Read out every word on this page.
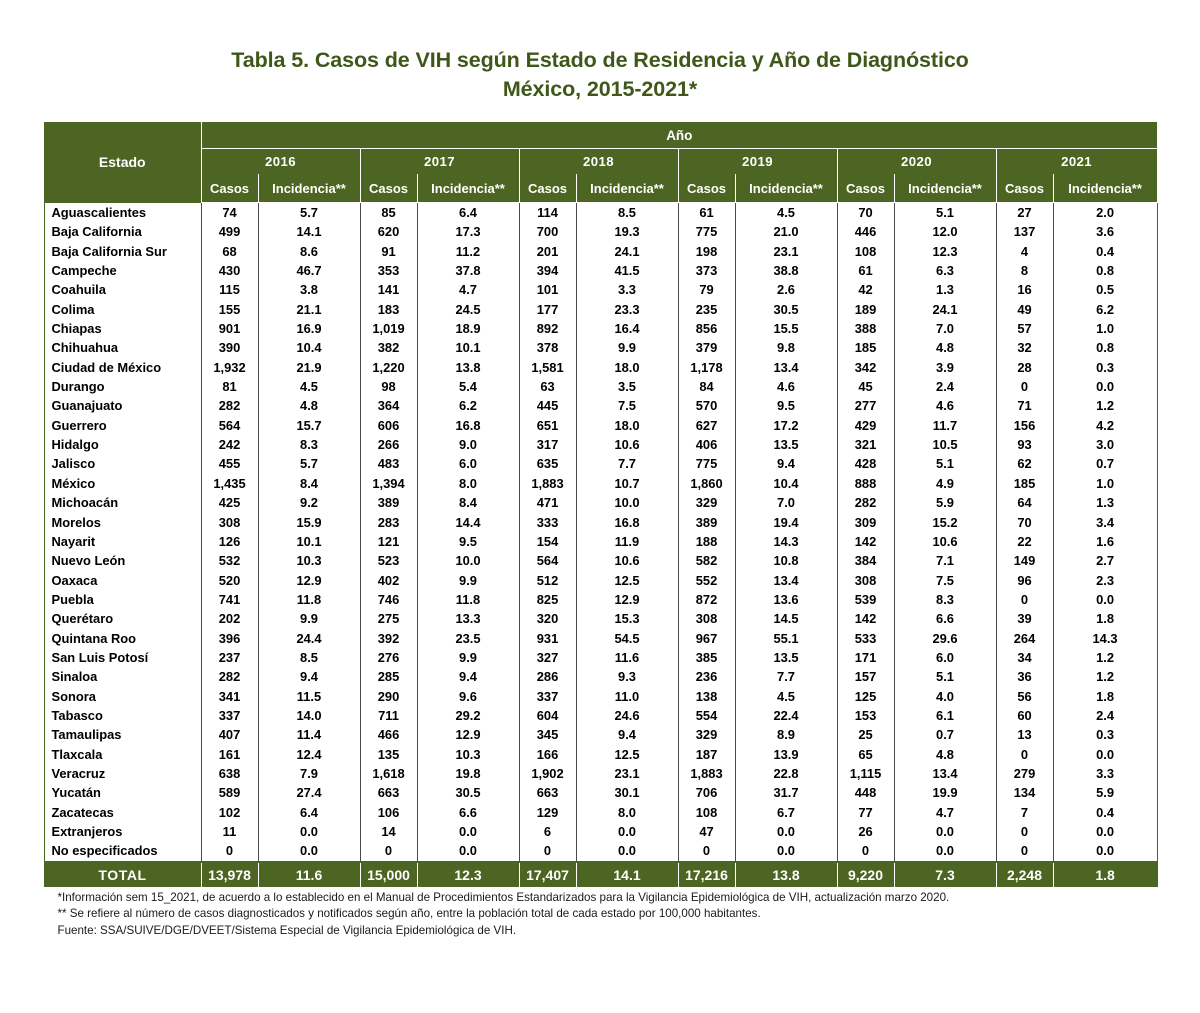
Tabla 5. Casos de VIH según Estado de Residencia y Año de Diagnóstico
México, 2015-2021*
Estado	Año											
	2016		2017		2018		2019		2020		2021	
	Casos	Incidencia**	Casos	Incidencia**	Casos	Incidencia**	Casos	Incidencia**	Casos	Incidencia**	Casos	Incidencia**
Aguascalientes	74	5.7	85	6.4	114	8.5	61	4.5	70	5.1	27	2.0
Baja California	499	14.1	620	17.3	700	19.3	775	21.0	446	12.0	137	3.6
Baja California Sur	68	8.6	91	11.2	201	24.1	198	23.1	108	12.3	4	0.4
Campeche	430	46.7	353	37.8	394	41.5	373	38.8	61	6.3	8	0.8
Coahuila	115	3.8	141	4.7	101	3.3	79	2.6	42	1.3	16	0.5
Colima	155	21.1	183	24.5	177	23.3	235	30.5	189	24.1	49	6.2
Chiapas	901	16.9	1,019	18.9	892	16.4	856	15.5	388	7.0	57	1.0
Chihuahua	390	10.4	382	10.1	378	9.9	379	9.8	185	4.8	32	0.8
Ciudad de México	1,932	21.9	1,220	13.8	1,581	18.0	1,178	13.4	342	3.9	28	0.3
Durango	81	4.5	98	5.4	63	3.5	84	4.6	45	2.4	0	0.0
Guanajuato	282	4.8	364	6.2	445	7.5	570	9.5	277	4.6	71	1.2
Guerrero	564	15.7	606	16.8	651	18.0	627	17.2	429	11.7	156	4.2
Hidalgo	242	8.3	266	9.0	317	10.6	406	13.5	321	10.5	93	3.0
Jalisco	455	5.7	483	6.0	635	7.7	775	9.4	428	5.1	62	0.7
México	1,435	8.4	1,394	8.0	1,883	10.7	1,860	10.4	888	4.9	185	1.0
Michoacán	425	9.2	389	8.4	471	10.0	329	7.0	282	5.9	64	1.3
Morelos	308	15.9	283	14.4	333	16.8	389	19.4	309	15.2	70	3.4
Nayarit	126	10.1	121	9.5	154	11.9	188	14.3	142	10.6	22	1.6
Nuevo León	532	10.3	523	10.0	564	10.6	582	10.8	384	7.1	149	2.7
Oaxaca	520	12.9	402	9.9	512	12.5	552	13.4	308	7.5	96	2.3
Puebla	741	11.8	746	11.8	825	12.9	872	13.6	539	8.3	0	0.0
Querétaro	202	9.9	275	13.3	320	15.3	308	14.5	142	6.6	39	1.8
Quintana Roo	396	24.4	392	23.5	931	54.5	967	55.1	533	29.6	264	14.3
San Luis Potosí	237	8.5	276	9.9	327	11.6	385	13.5	171	6.0	34	1.2
Sinaloa	282	9.4	285	9.4	286	9.3	236	7.7	157	5.1	36	1.2
Sonora	341	11.5	290	9.6	337	11.0	138	4.5	125	4.0	56	1.8
Tabasco	337	14.0	711	29.2	604	24.6	554	22.4	153	6.1	60	2.4
Tamaulipas	407	11.4	466	12.9	345	9.4	329	8.9	25	0.7	13	0.3
Tlaxcala	161	12.4	135	10.3	166	12.5	187	13.9	65	4.8	0	0.0
Veracruz	638	7.9	1,618	19.8	1,902	23.1	1,883	22.8	1,115	13.4	279	3.3
Yucatán	589	27.4	663	30.5	663	30.1	706	31.7	448	19.9	134	5.9
Zacatecas	102	6.4	106	6.6	129	8.0	108	6.7	77	4.7	7	0.4
Extranjeros	11	0.0	14	0.0	6	0.0	47	0.0	26	0.0	0	0.0
No especificados	0	0.0	0	0.0	0	0.0	0	0.0	0	0.0	0	0.0
TOTAL	13,978	11.6	15,000	12.3	17,407	14.1	17,216	13.8	9,220	7.3	2,248	1.8
*Información sem 15_2021, de acuerdo a lo establecido en el Manual de Procedimientos Estandarizados para la Vigilancia Epidemiológica de VIH, actualización marzo 2020.
** Se refiere al número de casos diagnosticados y notificados según año, entre la población total de cada estado por 100,000 habitantes.
Fuente: SSA/SUIVE/DGE/DVEET/Sistema Especial de Vigilancia Epidemiológica de VIH.
